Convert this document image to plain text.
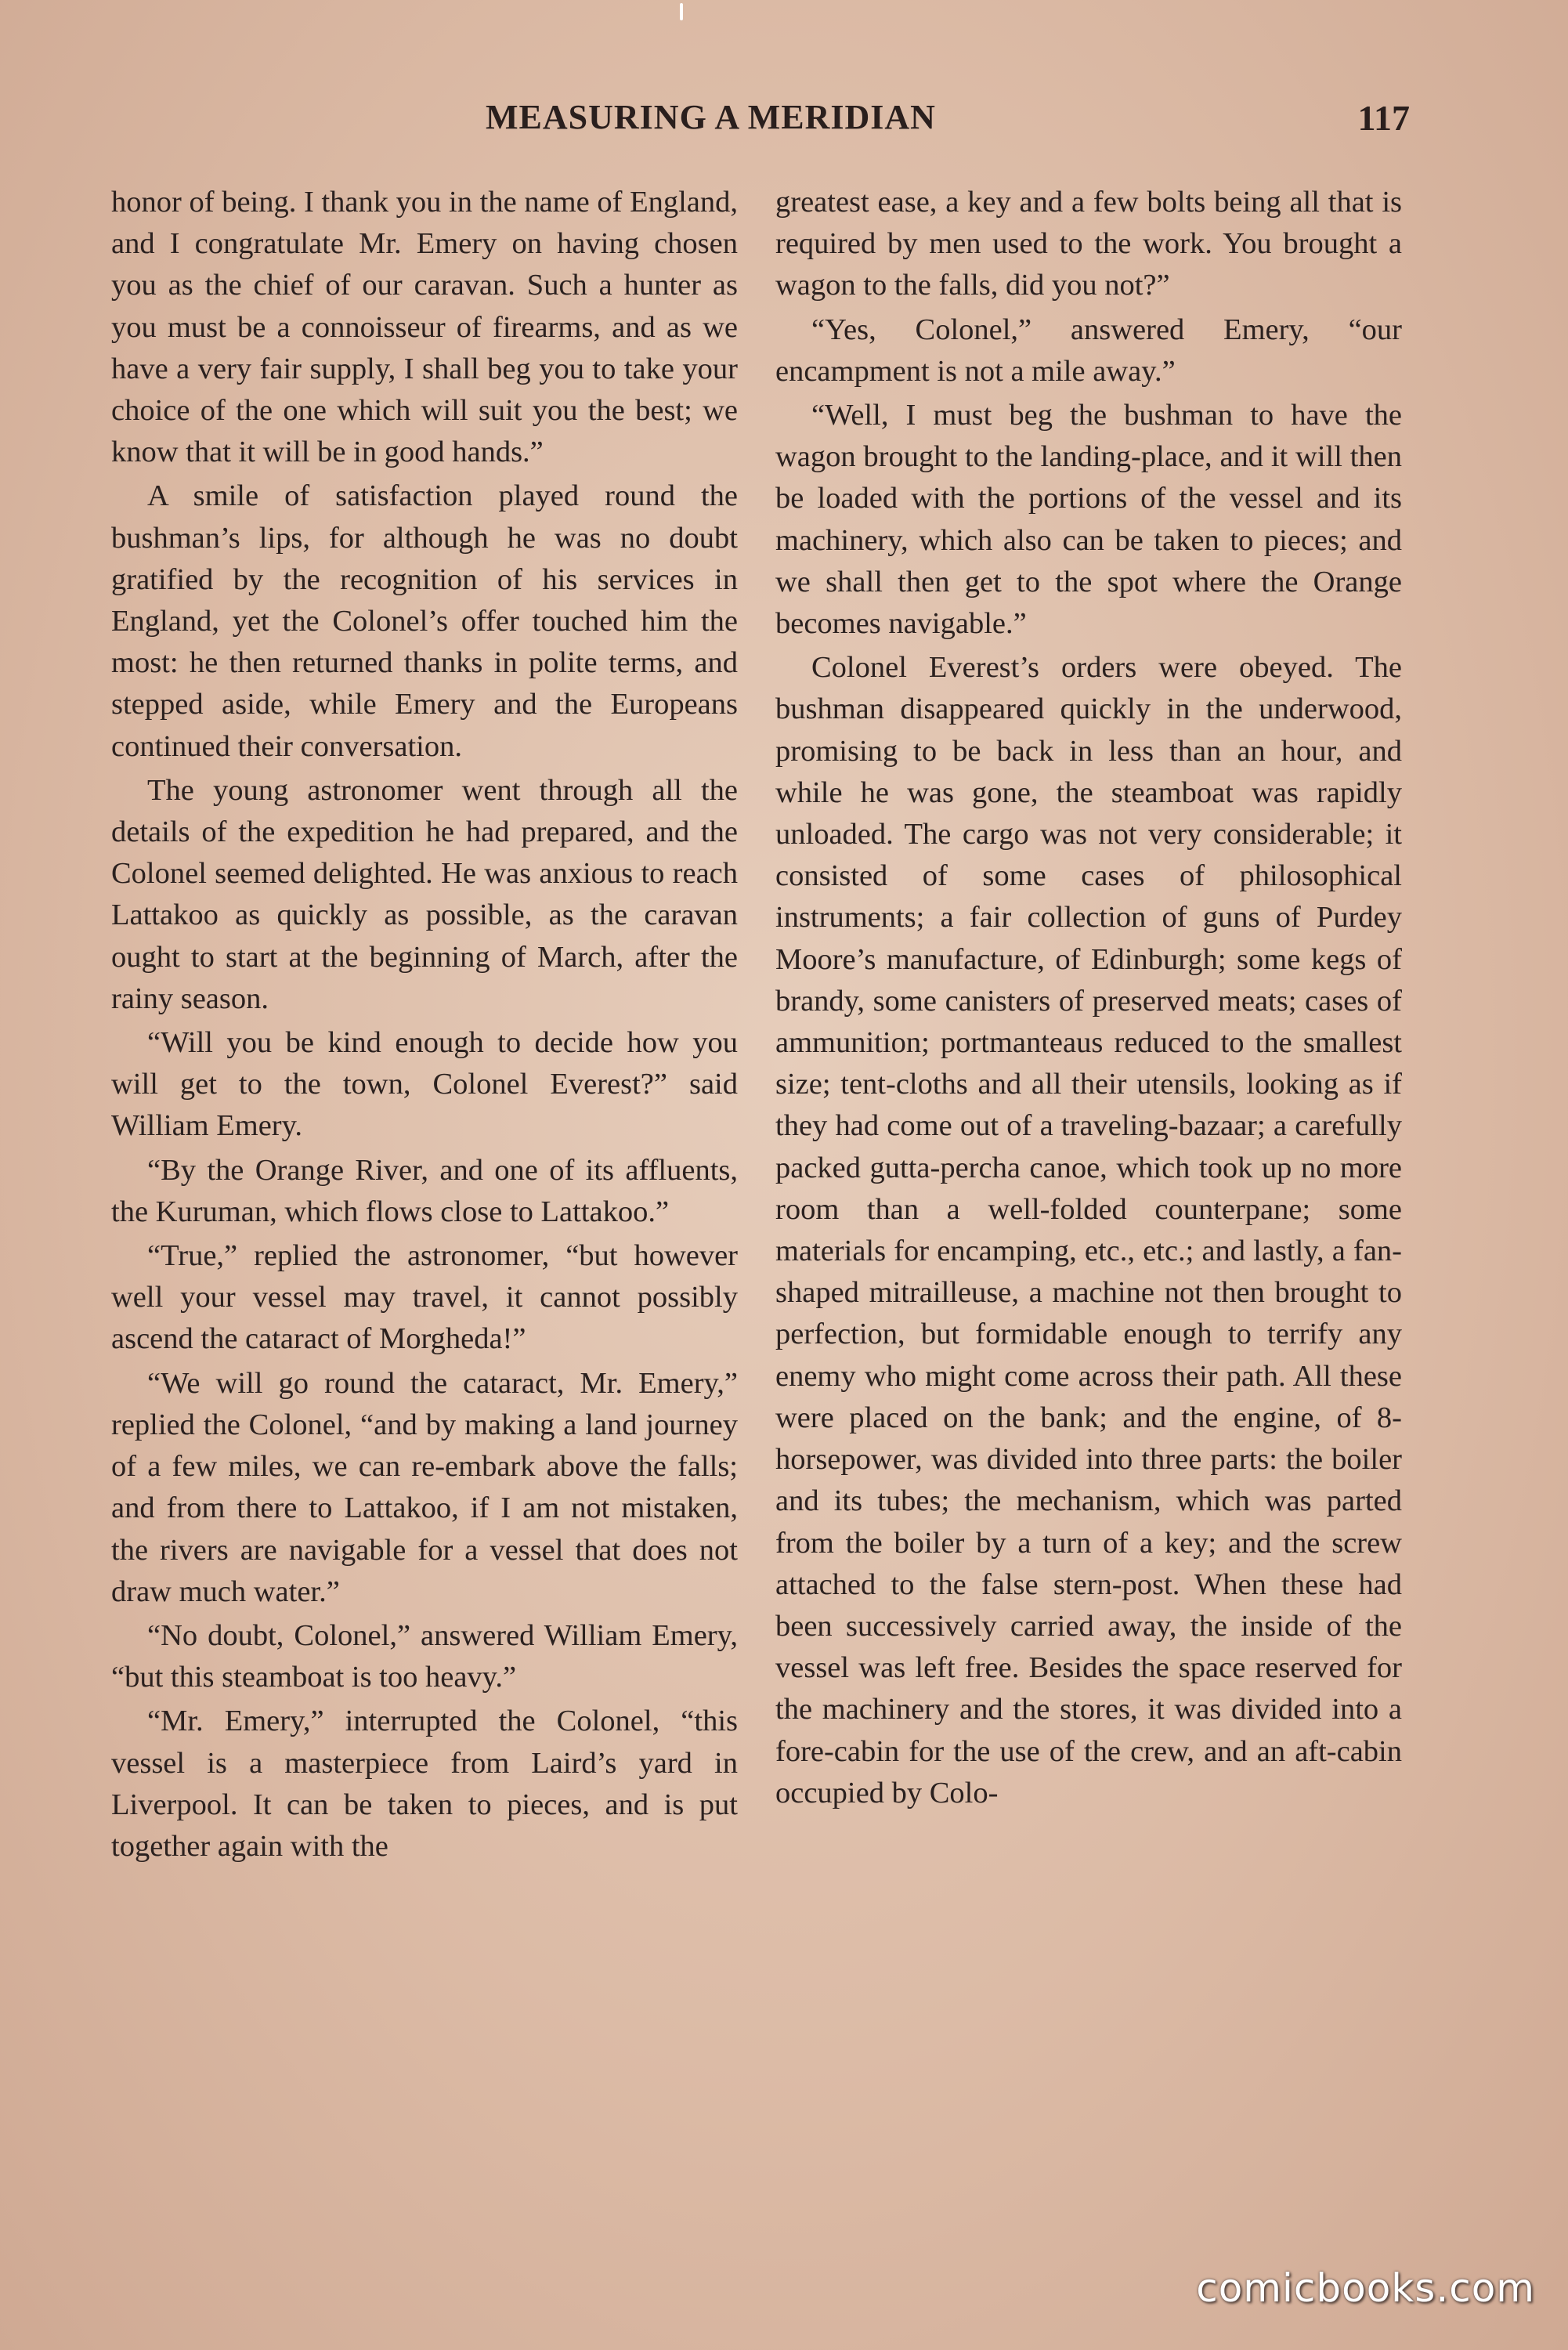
MEASURING A MERIDIAN	117

honor of being. I thank you in the name of England, and I congratulate Mr. Emery on having chosen you as the chief of our caravan. Such a hunter as you must be a connoisseur of firearms, and as we have a very fair supply, I shall beg you to take your choice of the one which will suit you the best; we know that it will be in good hands.”

A smile of satisfaction played round the bushman’s lips, for although he was no doubt gratified by the recognition of his services in England, yet the Colonel’s offer touched him the most: he then returned thanks in polite terms, and stepped aside, while Emery and the Europeans continued their conversation.

The young astronomer went through all the details of the expedition he had prepared, and the Colonel seemed delighted. He was anxious to reach Lattakoo as quickly as possible, as the caravan ought to start at the beginning of March, after the rainy season.

“Will you be kind enough to decide how you will get to the town, Colonel Everest?” said William Emery.

“By the Orange River, and one of its affluents, the Kuruman, which flows close to Lattakoo.”

“True,” replied the astronomer, “but however well your vessel may travel, it cannot possibly ascend the cataract of Morgheda!”

“We will go round the cataract, Mr. Emery,” replied the Colonel, “and by making a land journey of a few miles, we can re-embark above the falls; and from there to Lattakoo, if I am not mistaken, the rivers are navigable for a vessel that does not draw much water.”

“No doubt, Colonel,” answered William Emery, “but this steamboat is too heavy.”

“Mr. Emery,” interrupted the Colonel, “this vessel is a masterpiece from Laird’s yard in Liverpool. It can be taken to pieces, and is put together again with the

greatest ease, a key and a few bolts being all that is required by men used to the work. You brought a wagon to the falls, did you not?”

“Yes, Colonel,” answered Emery, “our encampment is not a mile away.”

“Well, I must beg the bushman to have the wagon brought to the landing-place, and it will then be loaded with the portions of the vessel and its machinery, which also can be taken to pieces; and we shall then get to the spot where the Orange becomes navigable.”

Colonel Everest’s orders were obeyed. The bushman disappeared quickly in the underwood, promising to be back in less than an hour, and while he was gone, the steamboat was rapidly unloaded. The cargo was not very considerable; it consisted of some cases of philosophical instruments; a fair collection of guns of Purdey Moore’s manufacture, of Edinburgh; some kegs of brandy, some canisters of preserved meats; cases of ammunition; portmanteaus reduced to the smallest size; tent-cloths and all their utensils, looking as if they had come out of a traveling-bazaar; a carefully packed gutta-percha canoe, which took up no more room than a well-folded counterpane; some materials for encamping, etc., etc.; and lastly, a fan-shaped mitrailleuse, a machine not then brought to perfection, but formidable enough to terrify any enemy who might come across their path. All these were placed on the bank; and the engine, of 8-horsepower, was divided into three parts: the boiler and its tubes; the mechanism, which was parted from the boiler by a turn of a key; and the screw attached to the false stern-post. When these had been successively carried away, the inside of the vessel was left free. Besides the space reserved for the machinery and the stores, it was divided into a fore-cabin for the use of the crew, and an aft-cabin occupied by Colo-

comicbooks.com
